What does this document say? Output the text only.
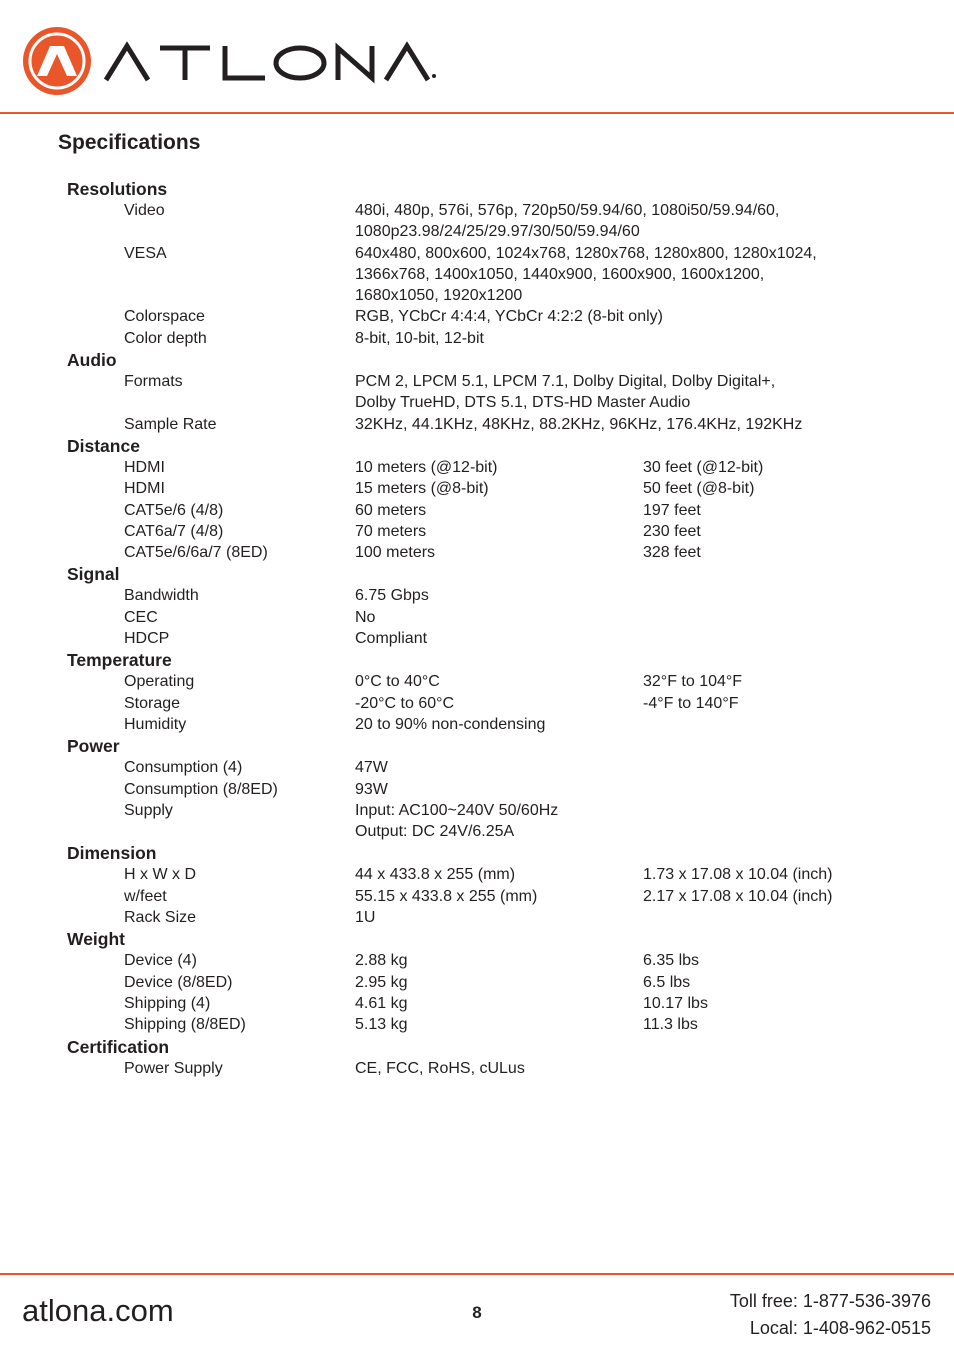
Specifications
Resolutions
Video	480i, 480p, 576i, 576p, 720p50/59.94/60, 1080i50/59.94/60,
1080p23.98/24/25/29.97/30/50/59.94/60
VESA	640x480, 800x600, 1024x768, 1280x768, 1280x800, 1280x1024,
1366x768, 1400x1050, 1440x900, 1600x900, 1600x1200,
1680x1050, 1920x1200
Colorspace	RGB, YCbCr 4:4:4, YCbCr 4:2:2 (8-bit only)
Color depth	8-bit, 10-bit, 12-bit
Audio
Formats	PCM 2, LPCM 5.1, LPCM 7.1, Dolby Digital, Dolby Digital+,
Dolby TrueHD, DTS 5.1, DTS-HD Master Audio
Sample Rate	32KHz, 44.1KHz, 48KHz, 88.2KHz, 96KHz, 176.4KHz, 192KHz
Distance
HDMI	10 meters (@12-bit)	30 feet (@12-bit)
HDMI	15 meters (@8-bit)	50 feet (@8-bit)
CAT5e/6 (4/8)	60 meters	197 feet
CAT6a/7 (4/8)	70 meters	230 feet
CAT5e/6/6a/7 (8ED)	100 meters	328 feet
Signal
Bandwidth	6.75 Gbps
CEC	No
HDCP	Compliant
Temperature
Operating	0°C to 40°C	32°F to 104°F
Storage	-20°C to 60°C	-4°F to 140°F
Humidity	20 to 90% non-condensing
Power
Consumption (4)	47W
Consumption (8/8ED)	93W
Supply	Input: AC100~240V 50/60Hz
Output: DC 24V/6.25A
Dimension
H x W x D	44 x 433.8 x 255 (mm)	1.73 x 17.08 x 10.04 (inch)
w/feet	55.15 x 433.8 x 255 (mm)	2.17 x 17.08 x 10.04 (inch)
Rack Size	1U
Weight
Device (4)	2.88 kg	6.35 lbs
Device (8/8ED)	2.95 kg	6.5 lbs
Shipping (4)	4.61 kg	10.17 lbs
Shipping (8/8ED)	5.13 kg	11.3 lbs
Certification
Power Supply	CE, FCC, RoHS, cULus

atlona.com	8
Toll free: 1-877-536-3976
Local: 1-408-962-0515
